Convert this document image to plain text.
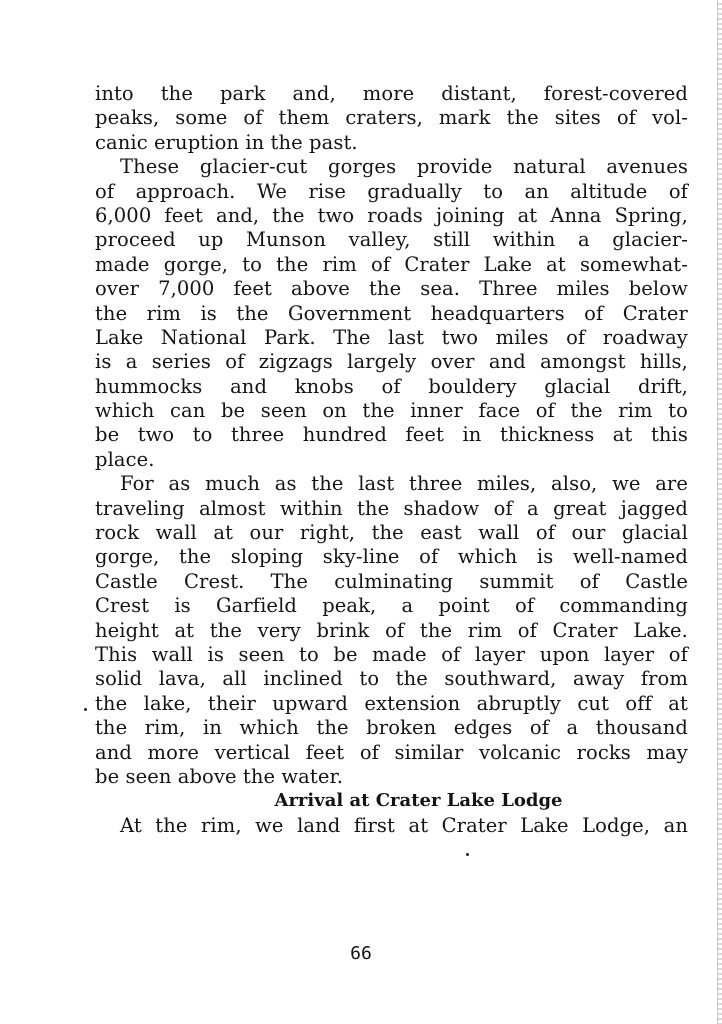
into the park and, more distant, forest-covered
peaks, some of them craters, mark the sites of vol-
canic eruption in the past.
These glacier-cut gorges provide natural avenues
of approach. We rise gradually to an altitude of
6,000 feet and, the two roads joining at Anna Spring,
proceed up Munson valley, still within a glacier-
made gorge, to the rim of Crater Lake at somewhat-
over 7,000 feet above the sea. Three miles below
the rim is the Government headquarters of Crater
Lake National Park. The last two miles of roadway
is a series of zigzags largely over and amongst hills,
hummocks and knobs of bouldery glacial drift,
which can be seen on the inner face of the rim to
be two to three hundred feet in thickness at this
place.
For as much as the last three miles, also, we are
traveling almost within the shadow of a great jagged
rock wall at our right, the east wall of our glacial
gorge, the sloping sky-line of which is well-named
Castle Crest. The culminating summit of Castle
Crest is Garfield peak, a point of commanding
height at the very brink of the rim of Crater Lake.
This wall is seen to be made of layer upon layer of
solid lava, all inclined to the southward, away from
the lake, their upward extension abruptly cut off at
the rim, in which the broken edges of a thousand
and more vertical feet of similar volcanic rocks may
be seen above the water.
Arrival at Crater Lake Lodge
At the rim, we land first at Crater Lake Lodge, an
66
